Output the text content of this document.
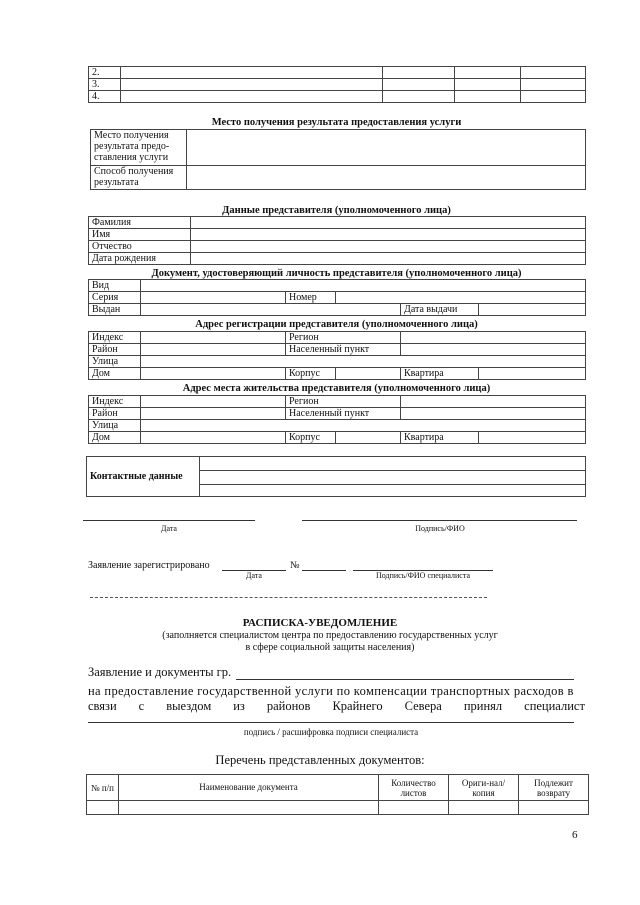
2.				
3.				
4.				
Место получения результата предоставления услуги
Место получения результата предо-ставления услуги	
Способ получения результата	
Данные представителя (уполномоченного лица)
Фамилия	
Имя	
Отчество	
Дата рождения	
Документ, удостоверяющий личность представителя (уполномоченного лица)
Вид					
Серия		Номер			
Выдан				Дата выдачи	
Адрес регистрации представителя (уполномоченного лица)
Индекс		Регион			
Район		Населенный пункт			
Улица					
Дом		Корпус		Квартира	
Адрес места жительства представителя (уполномоченного лица)
Индекс		Регион			
Район		Населенный пункт			
Улица					
Дом		Корпус		Квартира	
Контактные данные	

Дата	Подпись/ФИО
Заявление зарегистрировано	№
Дата	Подпись/ФИО специалиста
РАСПИСКА-УВЕДОМЛЕНИЕ
(заполняется специалистом центра по предоставлению государственных услуг
в сфере социальной защиты населения)
Заявление и документы гр.
на предоставление государственной услуги по компенсации транспортных расходов в
связи с выездом из районов Крайнего Севера принял специалист
подпись / расшифровка подписи специалиста
Перечень представленных документов:
№ п/п	Наименование документа	Количество листов	Ориги-нал/копия	Подлежит возврату

6
